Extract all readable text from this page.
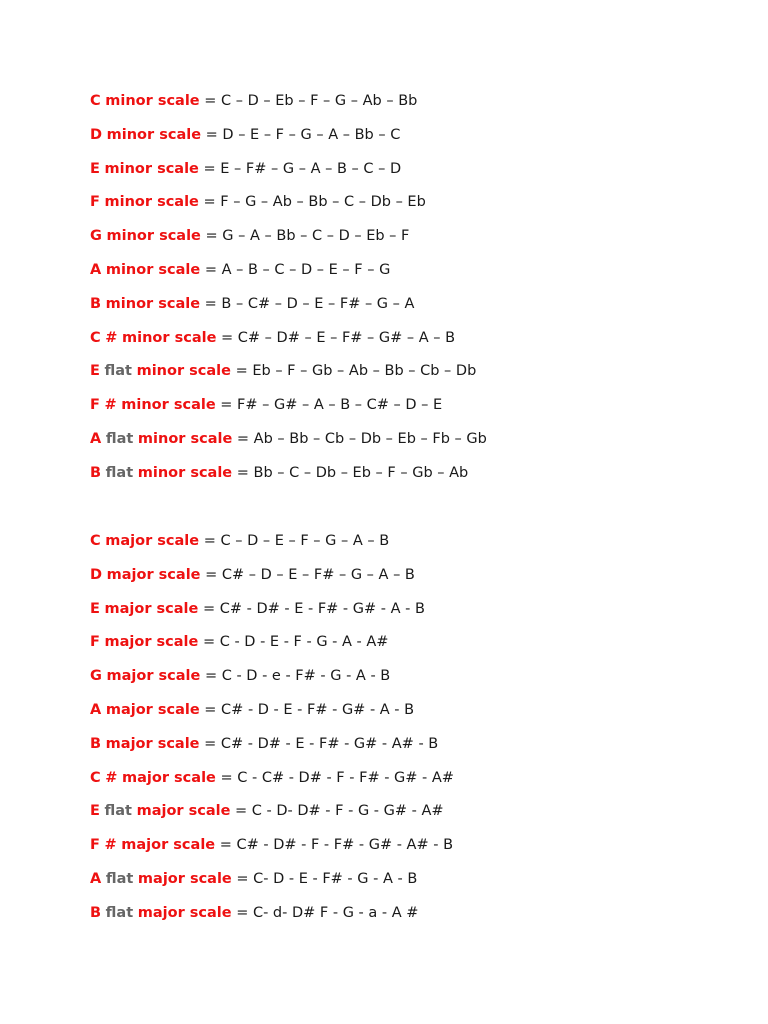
C minor scale = C – D – Eb – F – G – Ab – Bb
D minor scale = D – E – F – G – A – Bb – C
E minor scale = E – F# – G – A – B – C – D
F minor scale = F – G – Ab – Bb – C – Db – Eb
G minor scale = G – A – Bb – C – D – Eb – F
A minor scale = A – B – C – D – E – F – G
B minor scale = B – C# – D – E – F# – G – A
C # minor scale = C# – D# – E – F# – G# – A – B
E flat minor scale = Eb – F – Gb – Ab – Bb – Cb – Db
F # minor scale = F# – G# – A – B – C# – D – E
A flat minor scale = Ab – Bb – Cb – Db – Eb – Fb – Gb
B flat minor scale = Bb – C – Db – Eb – F – Gb – Ab
C major scale = C – D – E – F – G – A – B
D major scale = C# – D – E – F# – G – A – B
E major scale = C# - D# - E - F# - G# - A - B
F major scale = C - D - E - F - G - A - A#
G major scale = C - D - e - F# - G - A - B
A major scale = C# - D - E - F# - G# - A - B
B major scale = C# - D# - E - F# - G# - A# - B
C # major scale = C - C# - D# - F - F# - G# - A#
E flat major scale = C - D- D# - F - G - G# - A#
F # major scale = C# - D# - F - F# - G# - A# - B
A flat major scale = C- D - E - F# - G - A - B
B flat major scale = C- d- D# F - G - a - A #
